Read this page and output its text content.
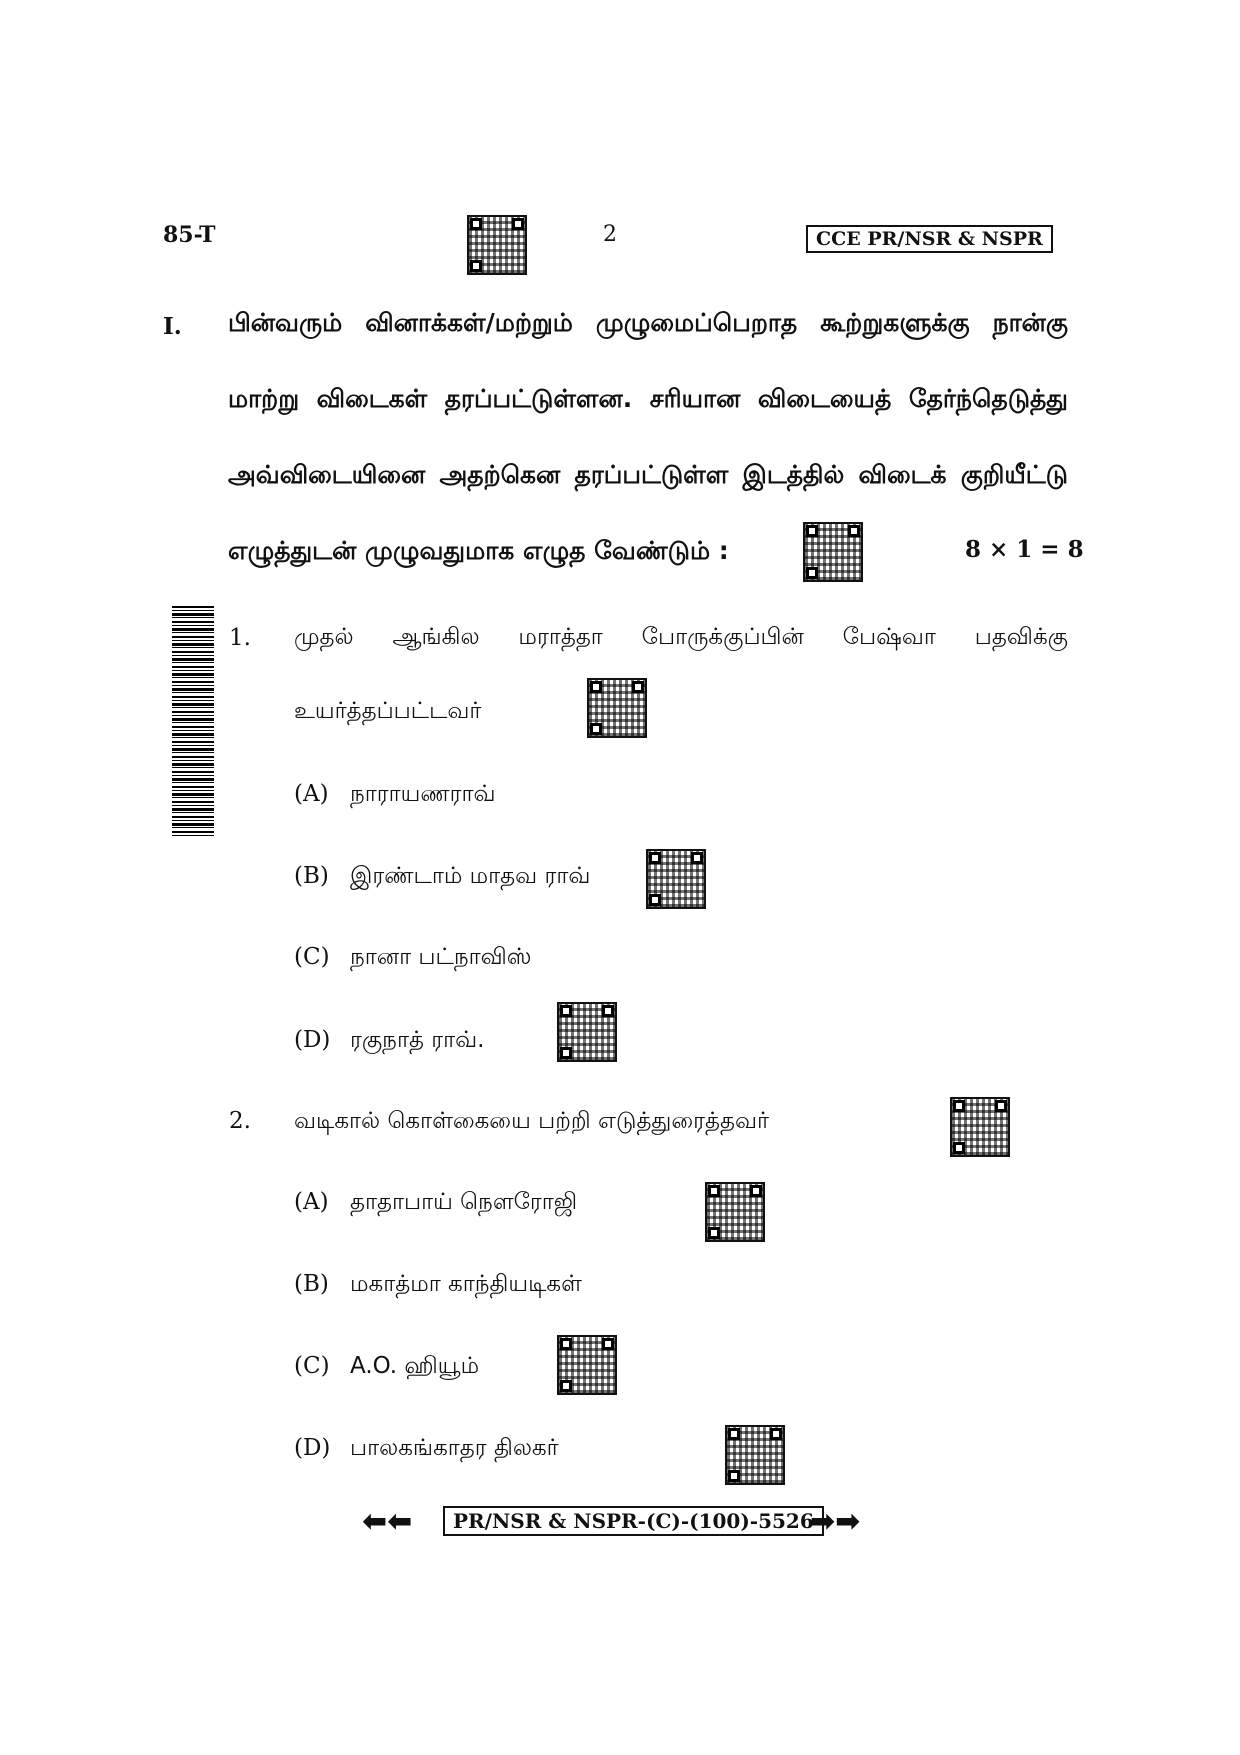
85-T	2	CCE PR/NSR & NSPR
I. பின்வரும் வினாக்கள்/மற்றும் முழுமைப்பெறாத கூற்றுகளுக்கு நான்கு
மாற்று விடைகள் தரப்பட்டுள்ளன. சரியான விடையைத் தேர்ந்தெடுத்து
அவ்விடையினை அதற்கென தரப்பட்டுள்ள இடத்தில் விடைக் குறியீட்டு
எழுத்துடன் முழுவதுமாக எழுத வேண்டும் :	8 × 1 = 8
1. முதல் ஆங்கில மராத்தா போருக்குப்பின் பேஷ்வா பதவிக்கு
உயர்த்தப்பட்டவர்
(A) நாராயணராவ்
(B) இரண்டாம் மாதவ ராவ்
(C) நானா பட்நாவிஸ்
(D) ரகுநாத் ராவ்.
2. வடிகால் கொள்கையை பற்றி எடுத்துரைத்தவர்
(A) தாதாபாய் நௌரோஜி
(B) மகாத்மா காந்தியடிகள்
(C) A.O. ஹியூம்
(D) பாலகங்காதர திலகர்
⬅⬅	PR/NSR & NSPR-(C)-(100)-5526
➡➡
